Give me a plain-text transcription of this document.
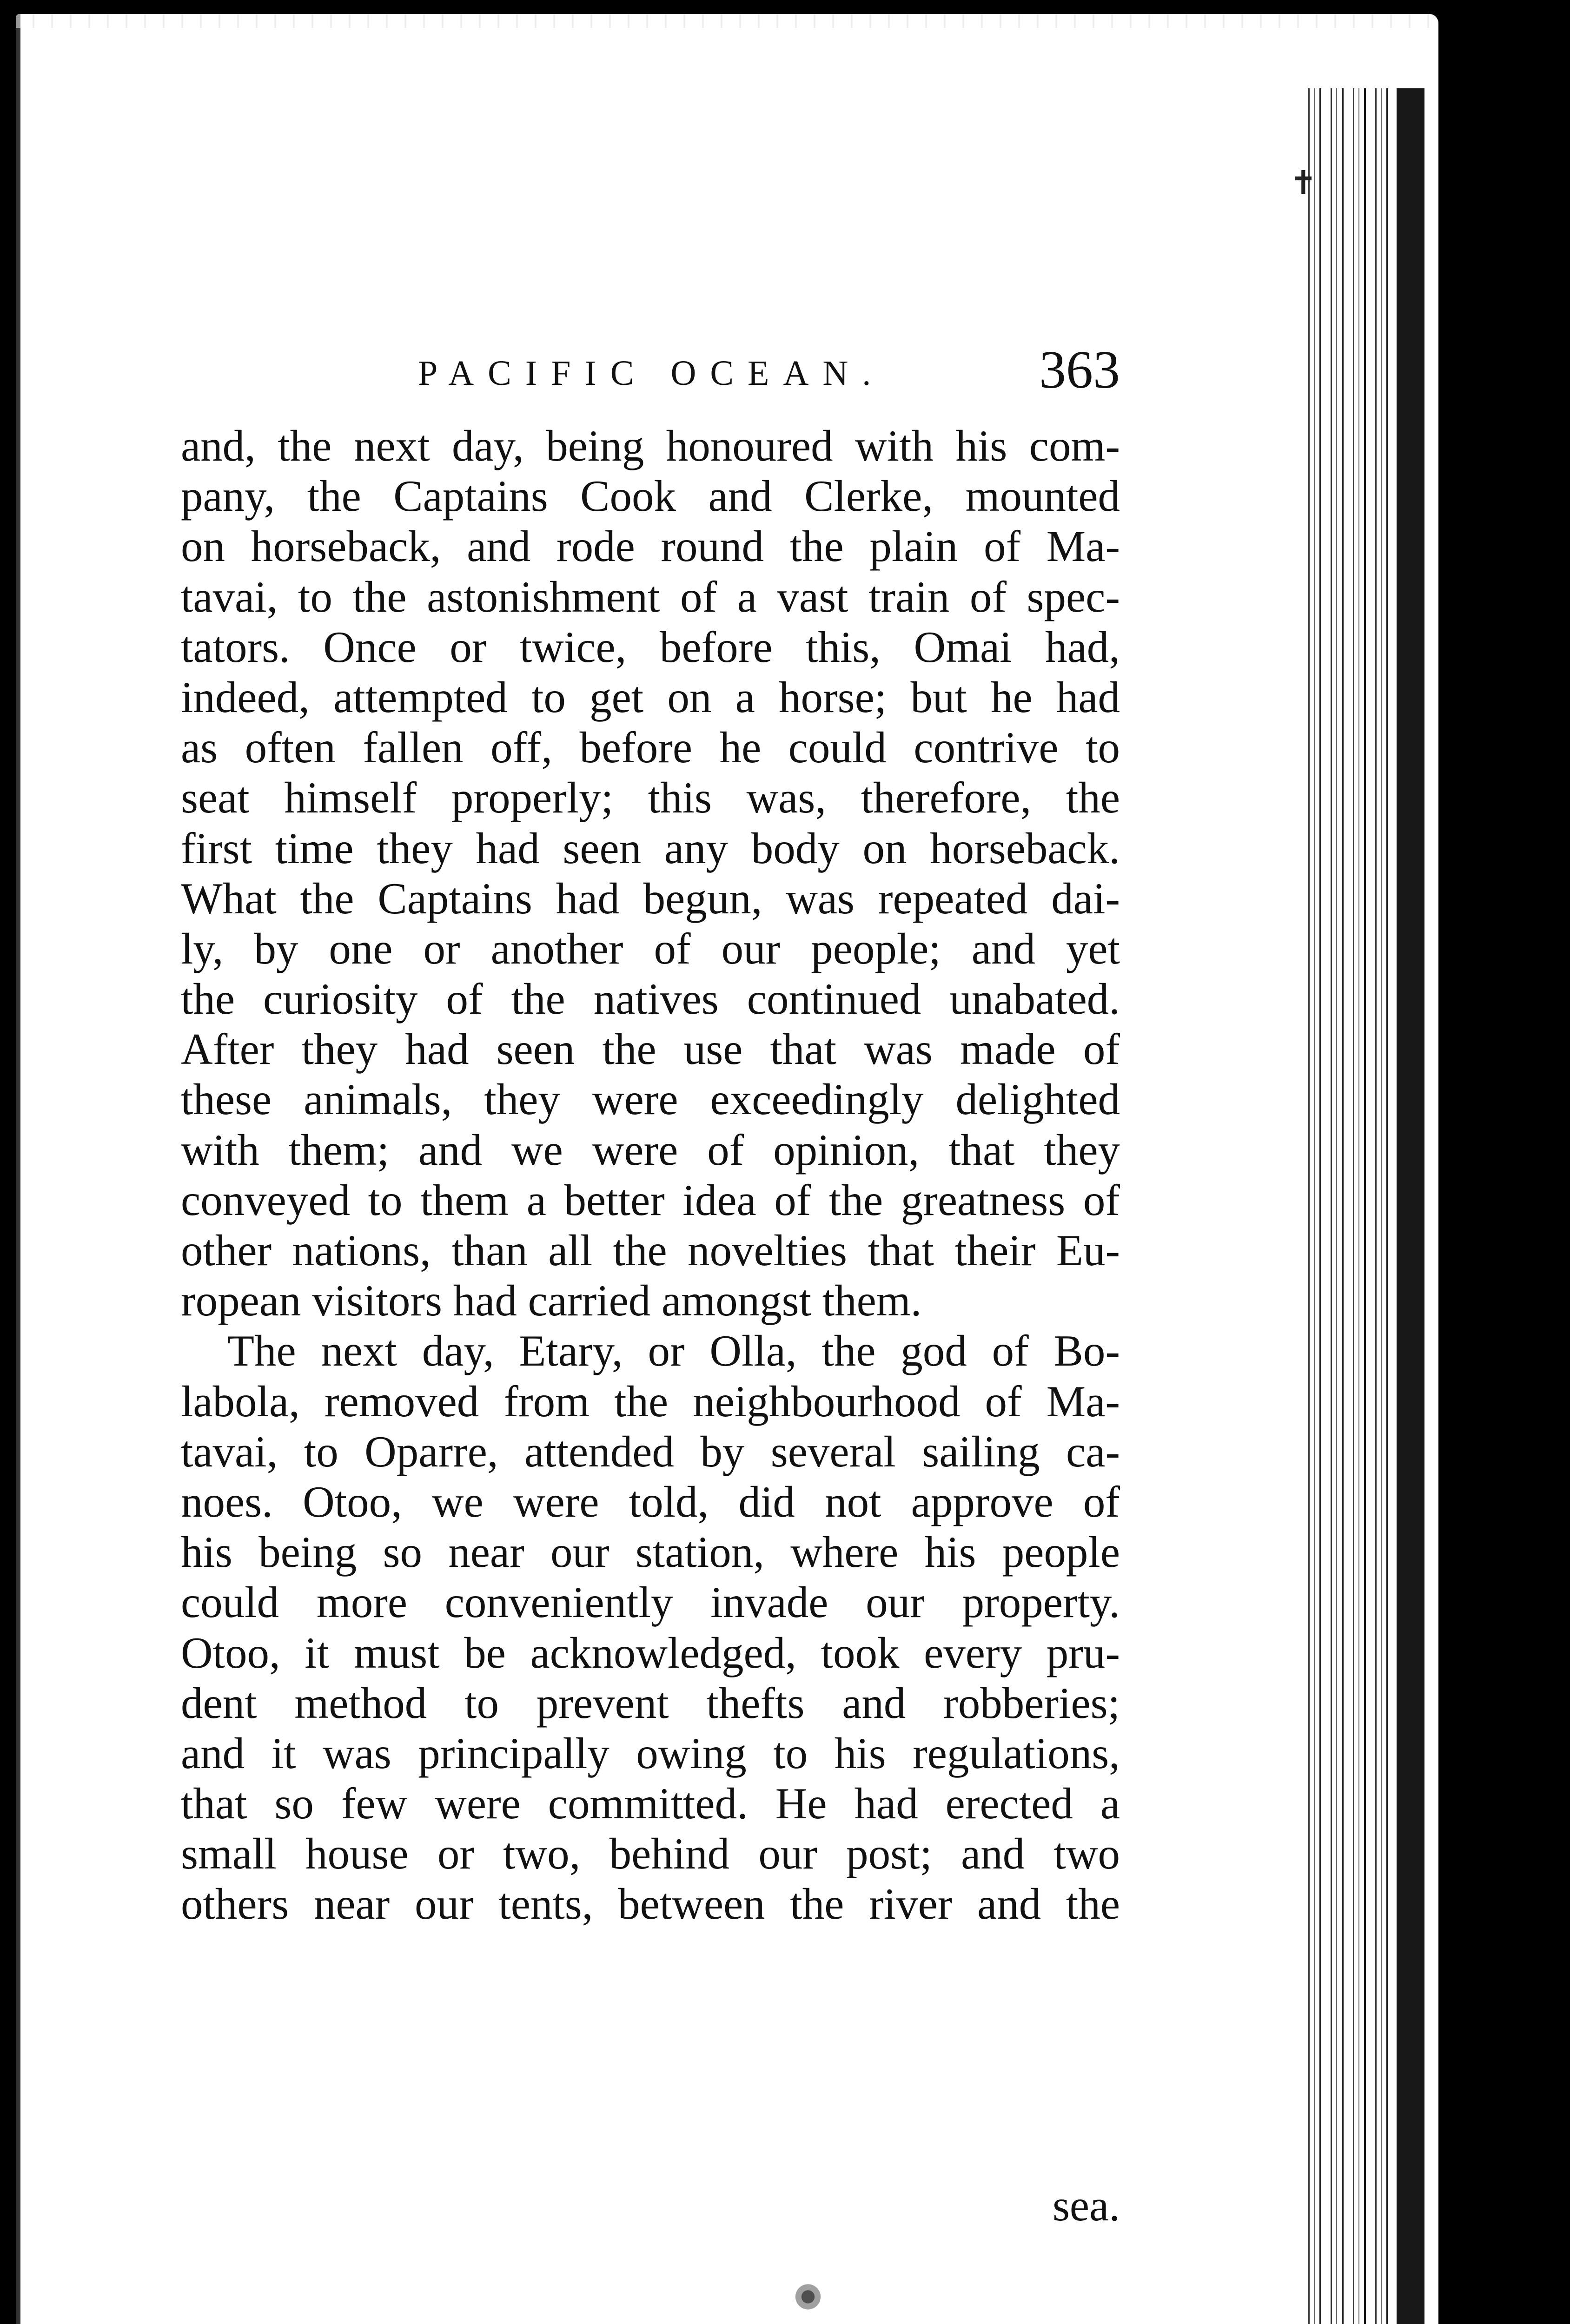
PACIFIC OCEAN.	363
and, the next day, being honoured with his com-
pany, the Captains Cook and Clerke, mounted
on horseback, and rode round the plain of Ma-
tavai, to the astonishment of a vast train of spec-
tators. Once or twice, before this, Omai had,
indeed, attempted to get on a horse; but he had
as often fallen off, before he could contrive to
seat himself properly; this was, therefore, the
first time they had seen any body on horseback.
What the Captains had begun, was repeated dai-
ly, by one or another of our people; and yet
the curiosity of the natives continued unabated.
After they had seen the use that was made of
these animals, they were exceedingly delighted
with them; and we were of opinion, that they
conveyed to them a better idea of the greatness of
other nations, than all the novelties that their Eu-
ropean visitors had carried amongst them.
The next day, Etary, or Olla, the god of Bo-
labola, removed from the neighbourhood of Ma-
tavai, to Oparre, attended by several sailing ca-
noes. Otoo, we were told, did not approve of
his being so near our station, where his people
could more conveniently invade our property.
Otoo, it must be acknowledged, took every pru-
dent method to prevent thefts and robberies;
and it was principally owing to his regulations,
that so few were committed. He had erected a
small house or two, behind our post; and two
others near our tents, between the river and the
sea.
✝
